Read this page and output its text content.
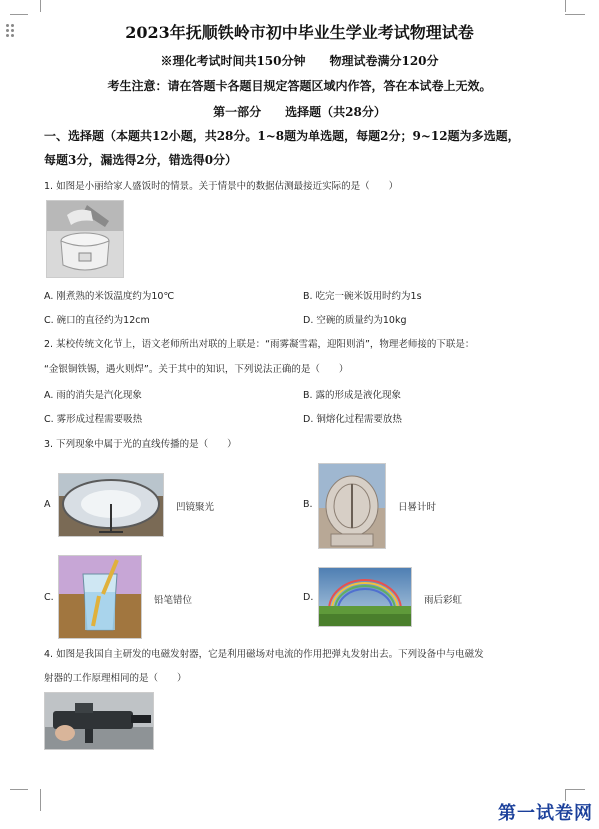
2023年抚顺铁岭市初中毕业生学业考试物理试卷
※理化考试时间共150分钟　　物理试卷满分120分
考生注意：请在答题卡各题目规定答题区域内作答，答在本试卷上无效。
第一部分　　选择题（共28分）
一、选择题（本题共12小题，共28分。1~8题为单选题，每题2分；9~12题为多选题，
每题3分，漏选得2分，错选得0分）
1. 如图是小丽给家人盛饭时的情景。关于情景中的数据估测最接近实际的是（　　）
A. 刚煮熟的米饭温度约为10℃	B. 吃完一碗米饭用时约为1s
C. 碗口的直径约为12cm	D. 空碗的质量约为10kg
2. 某校传统文化节上，语文老师所出对联的上联是：“雨雾凝雪霜，迎阳则消”，物理老师接的下联是：
“金银铜铁锡，遇火则焊”。关于其中的知识，下列说法正确的是（　　）
A. 雨的消失是汽化现象	B. 露的形成是液化现象
C. 雾形成过程需要吸热	D. 铜熔化过程需要放热
3. 下列现象中属于光的直线传播的是（　　）
A	凹镜聚光	B.	日晷计时
C.	铅笔错位	D.	雨后彩虹
4. 如图是我国自主研发的电磁发射器，它是利用磁场对电流的作用把弹丸发射出去。下列设备中与电磁发
射器的工作原理相同的是（　　）
第一试卷网
